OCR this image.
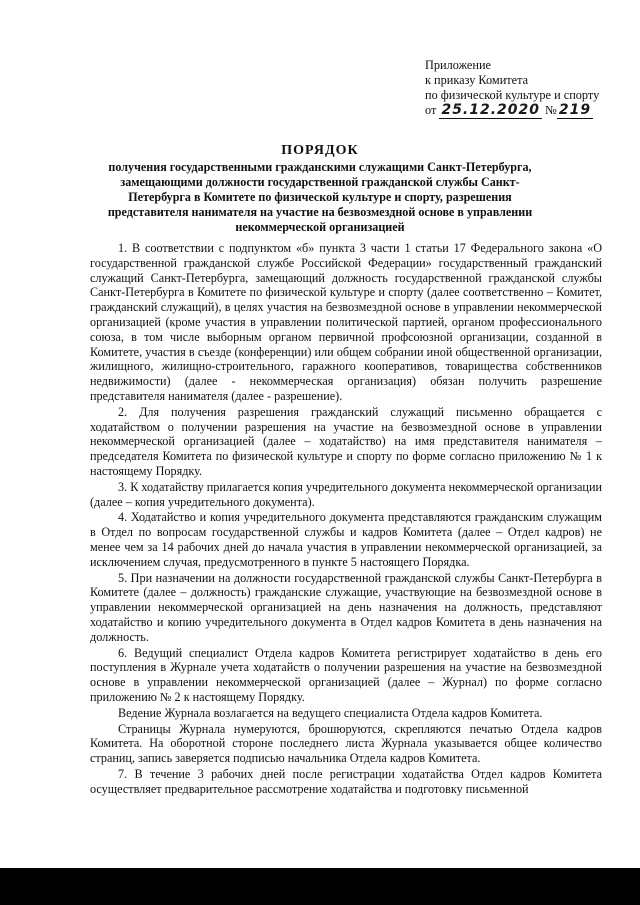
Приложение
к приказу Комитета
по физической культуре и спорту
от 25.12.2020 № 219
ПОРЯДОК
получения государственными гражданскими служащими Санкт-Петербурга, замещающими должности государственной гражданской службы Санкт-Петербурга в Комитете по физической культуре и спорту, разрешения представителя нанимателя на участие на безвозмездной основе в управлении некоммерческой организацией

1. В соответствии с подпунктом «б» пункта 3 части 1 статьи 17 Федерального закона «О государственной гражданской службе Российской Федерации» государственный гражданский служащий Санкт-Петербурга, замещающий должность государственной гражданской службы Санкт-Петербурга в Комитете по физической культуре и спорту (далее соответственно – Комитет, гражданский служащий), в целях участия на безвозмездной основе в управлении некоммерческой организацией (кроме участия в управлении политической партией, органом профессионального союза, в том числе выборным органом первичной профсоюзной организации, созданной в Комитете, участия в съезде (конференции) или общем собрании иной общественной организации, жилищного, жилищно-строительного, гаражного кооперативов, товарищества собственников недвижимости) (далее - некоммерческая организация) обязан получить разрешение представителя нанимателя (далее - разрешение).

2. Для получения разрешения гражданский служащий письменно обращается с ходатайством о получении разрешения на участие на безвозмездной основе в управлении некоммерческой организацией (далее – ходатайство) на имя представителя нанимателя – председателя Комитета по физической культуре и спорту по форме согласно приложению № 1 к настоящему Порядку.

3. К ходатайству прилагается копия учредительного документа некоммерческой организации (далее – копия учредительного документа).

4. Ходатайство и копия учредительного документа представляются гражданским служащим в Отдел по вопросам государственной службы и кадров Комитета (далее – Отдел кадров) не менее чем за 14 рабочих дней до начала участия в управлении некоммерческой организацией, за исключением случая, предусмотренного в пункте 5 настоящего Порядка.

5. При назначении на должности государственной гражданской службы Санкт-Петербурга в Комитете (далее – должность) гражданские служащие, участвующие на безвозмездной основе в управлении некоммерческой организацией на день назначения на должность, представляют ходатайство и копию учредительного документа в Отдел кадров Комитета в день назначения на должность.

6. Ведущий специалист Отдела кадров Комитета регистрирует ходатайство в день его поступления в Журнале учета ходатайств о получении разрешения на участие на безвозмездной основе в управлении некоммерческой организацией (далее – Журнал) по форме согласно приложению № 2 к настоящему Порядку.

Ведение Журнала возлагается на ведущего специалиста Отдела кадров Комитета.

Страницы Журнала нумеруются, брошюруются, скрепляются печатью Отдела кадров Комитета. На оборотной стороне последнего листа Журнала указывается общее количество страниц, запись заверяется подписью начальника Отдела кадров Комитета.

7. В течение 3 рабочих дней после регистрации ходатайства Отдел кадров Комитета осуществляет предварительное рассмотрение ходатайства и подготовку письменной
